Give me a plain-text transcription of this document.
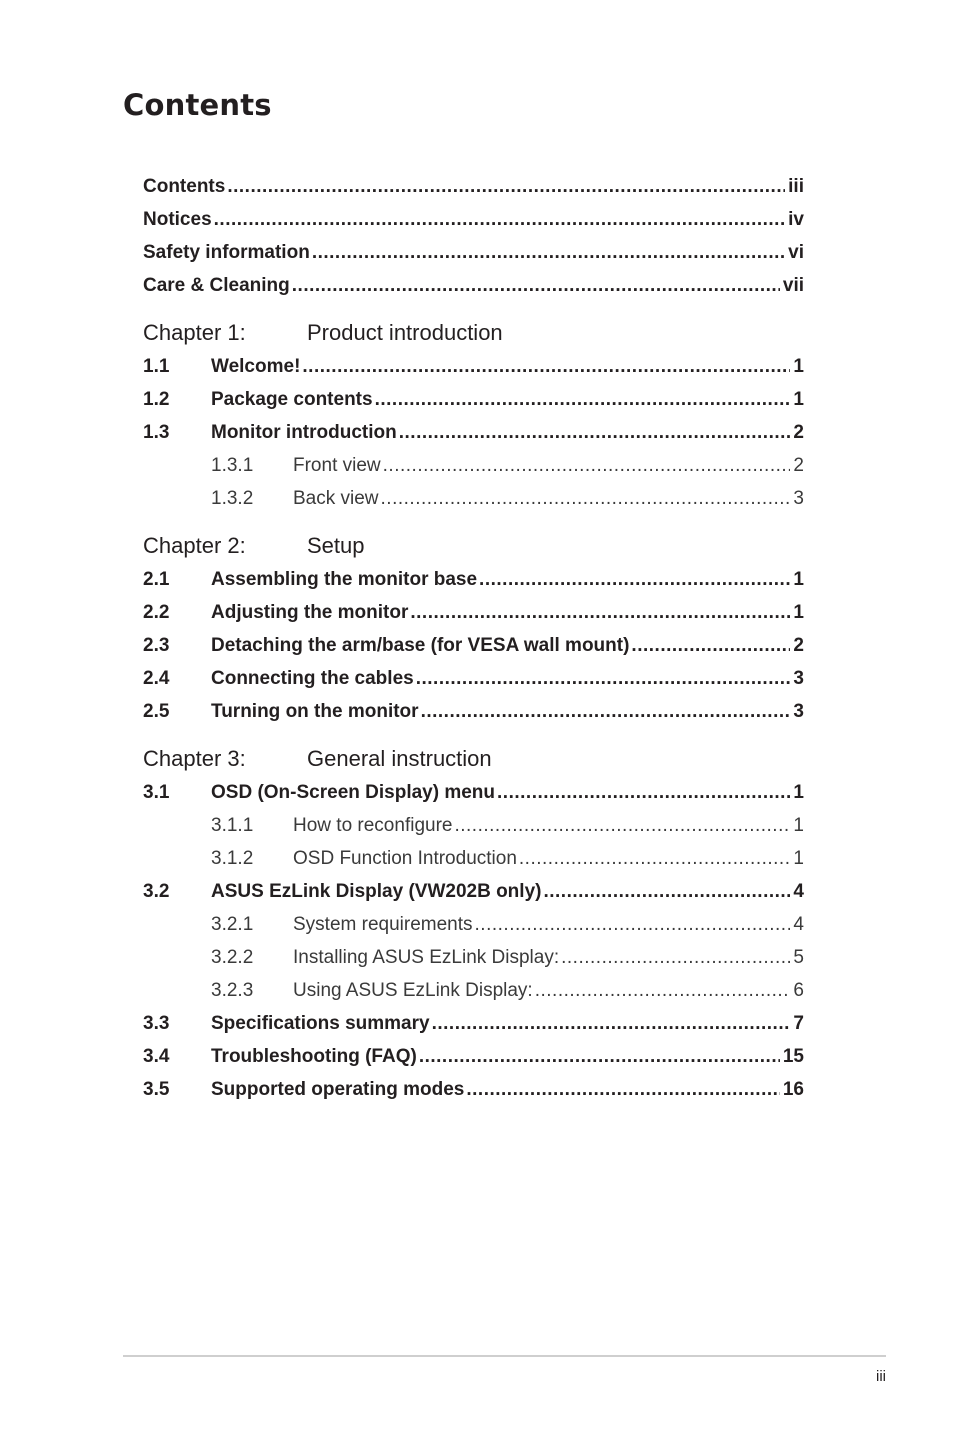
Contents
Contents .....	iii
Notices .....	iv
Safety information .....	vi
Care & Cleaning .....	vii
Chapter 1:	Product introduction
1.1	Welcome! .....	1
1.2	Package contents .....	1
1.3	Monitor introduction .....	2
1.3.1	Front view .....	2
1.3.2	Back view .....	3
Chapter 2:	Setup
2.1	Assembling the monitor base .....	1
2.2	Adjusting the monitor .....	1
2.3	Detaching the arm/base (for VESA wall mount) .....	2
2.4	Connecting the cables .....	3
2.5	Turning on the monitor .....	3
Chapter 3:	General instruction
3.1	OSD (On-Screen Display) menu .....	1
3.1.1	How to reconfigure .....	1
3.1.2	OSD Function Introduction .....	1
3.2	ASUS EzLink Display (VW202B only) .....	4
3.2.1	System requirements .....	4
3.2.2	Installing ASUS EzLink Display: .....	5
3.2.3	Using ASUS EzLink Display: .....	6
3.3	Specifications summary .....	7
3.4	Troubleshooting (FAQ) .....	15
3.5	Supported operating modes .....	16
iii
